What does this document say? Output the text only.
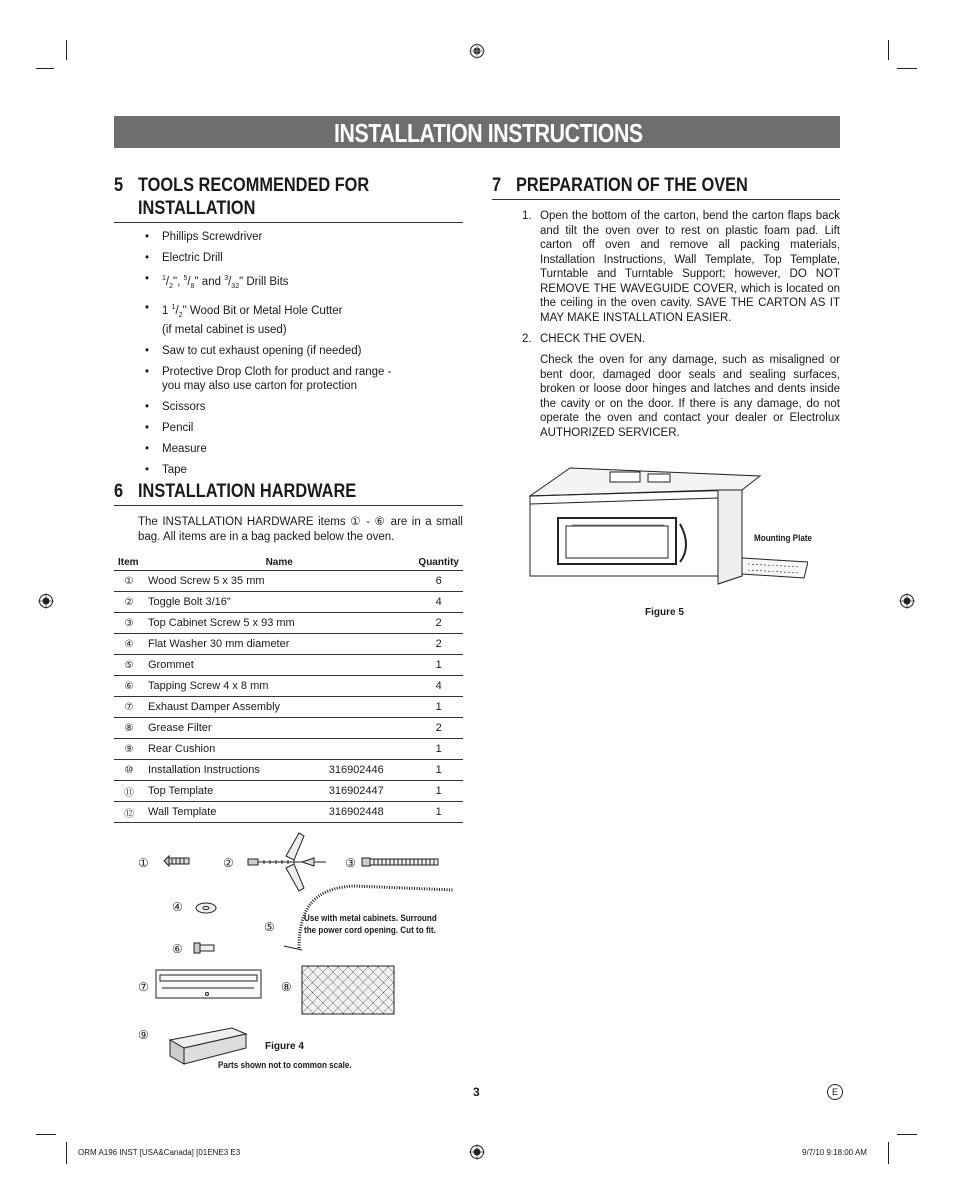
INSTALLATION INSTRUCTIONS
5 TOOLS RECOMMENDED FOR
INSTALLATION
• Phillips Screwdriver
• Electric Drill
• $^1/_2$", $^5/_8$" and $^3/_{32}$" Drill Bits
• 1 $^1/_2$" Wood Bit or Metal Hole Cutter
(if metal cabinet is used)
• Saw to cut exhaust opening (if needed)
• Protective Drop Cloth for product and range -
you may also use carton for protection
• Scissors
• Pencil
• Measure
• Tape
6 INSTALLATION HARDWARE
The INSTALLATION HARDWARE items ① - ⑥ are in a small bag. All items are in a bag packed below the oven.
Item	Name		Quantity
①	Wood Screw 5 x 35 mm		6
②	Toggle Bolt 3/16"		4
③	Top Cabinet Screw 5 x 93 mm		2
④	Flat Washer 30 mm diameter		2
⑤	Grommet		1
⑥	Tapping Screw 4 x 8 mm		4
⑦	Exhaust Damper Assembly		1
⑧	Grease Filter		2
⑨	Rear Cushion		1
⑩	Installation Instructions	316902446	1
⑪	Top Template	316902447	1
⑫	Wall Template	316902448	1
①	②	③
④
⑤
⑥
⑦	⑧
⑨
Use with metal cabinets. Surround
the power cord opening. Cut to fit.
Figure 4
Parts shown not to common scale.
7 PREPARATION OF THE OVEN
1. Open the bottom of the carton, bend the carton flaps back and tilt the oven over to rest on plastic foam pad. Lift carton off oven and remove all packing materials, Installation Instructions, Wall Template, Top Template, Turntable and Turntable Support; however, DO NOT REMOVE THE WAVEGUIDE COVER, which is located on the ceiling in the oven cavity. SAVE THE CARTON AS IT MAY MAKE INSTALLATION EASIER.
2. CHECK THE OVEN.
Check the oven for any damage, such as misaligned or bent door, damaged door seals and sealing surfaces, broken or loose door hinges and latches and dents inside the cavity or on the door. If there is any damage, do not operate the oven and contact your dealer or Electrolux AUTHORIZED SERVICER.
Mounting Plate
Figure 5
3	E
ORM A196 INST [USA&Canada] [01ENE3 E3	9/7/10 9:18:00 AM
